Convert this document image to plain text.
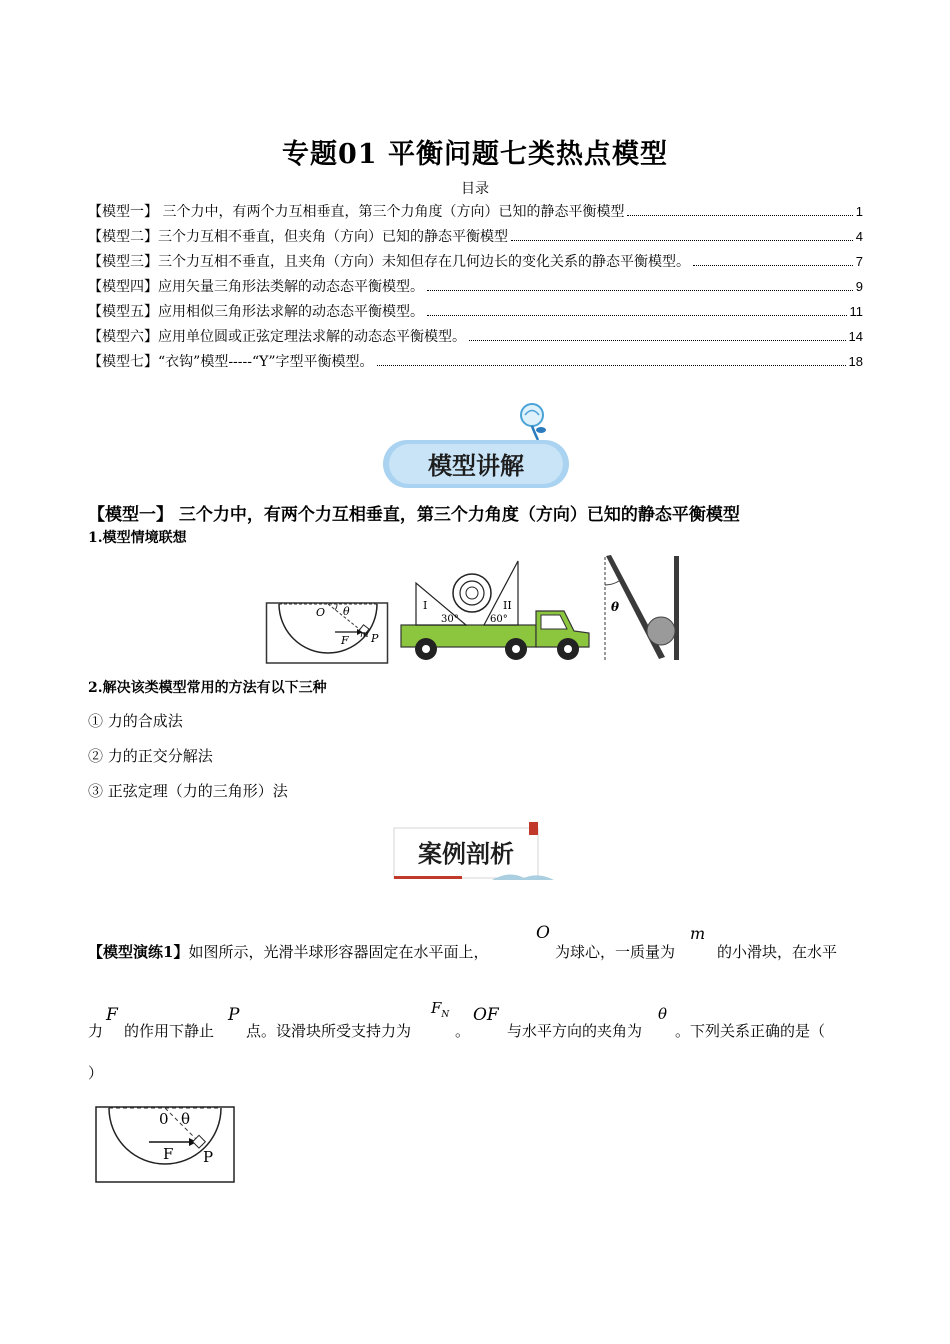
专题01 平衡问题七类热点模型
目录
【模型一】 三个力中，有两个力互相垂直，第三个力角度（方向）已知的静态平衡模型	1
【模型二】三个力互相不垂直，但夹角（方向）已知的静态平衡模型	4
【模型三】三个力互相不垂直，且夹角（方向）未知但存在几何边长的变化关系的静态平衡模型。	7
【模型四】应用矢量三角形法类解的动态态平衡模型。	9
【模型五】应用相似三角形法求解的动态态平衡模型。	11
【模型六】应用单位圆或正弦定理法求解的动态态平衡模型。	14
【模型七】“衣钩”模型-----“Y”字型平衡模型。	18
模型讲解
【模型一】 三个力中，有两个力互相垂直，第三个力角度（方向）已知的静态平衡模型
1.模型情境联想
O θ
F m P
I	II
30°	60°
θ
2.解决该类模型常用的方法有以下三种
① 力的合成法
② 力的正交分解法
③ 正弦定理（力的三角形）法
案例剖析
【模型演练1】如图所示，光滑半球形容器固定在水平面上，
O
为球心，一质量为
m
的小滑块，在水平
力
F
的作用下静止
P
点。设滑块所受支持力为
$F_N$
。
OF
与水平方向的夹角为
θ
。下列关系正确的是（
）
0 θ
F P
